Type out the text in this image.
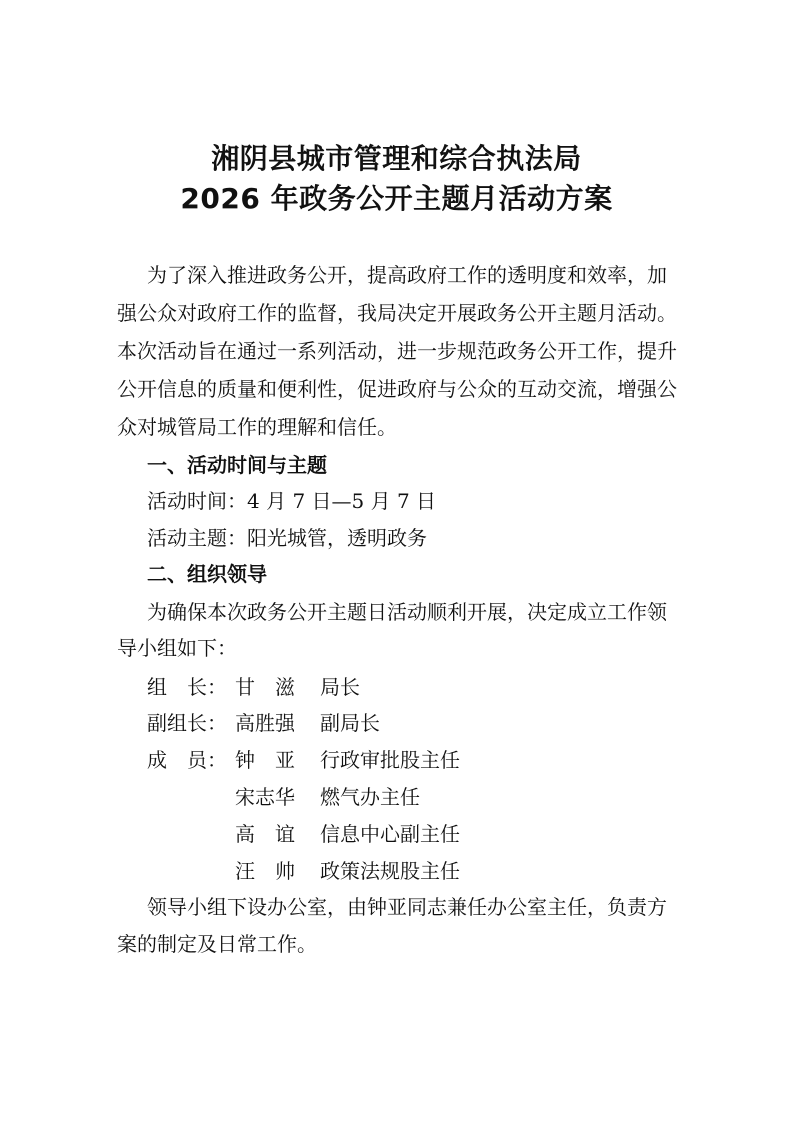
湘阴县城市管理和综合执法局
2026 年政务公开主题月活动方案
为了深入推进政务公开，提高政府工作的透明度和效率，加
强公众对政府工作的监督，我局决定开展政务公开主题月活动。
本次活动旨在通过一系列活动，进一步规范政务公开工作，提升
公开信息的质量和便利性，促进政府与公众的互动交流，增强公
众对城管局工作的理解和信任。
一、活动时间与主题
活动时间：4 月 7 日—5 月 7 日
活动主题：阳光城管，透明政务
二、组织领导
为确保本次政务公开主题日活动顺利开展，决定成立工作领
导小组如下：
组　长： 甘　滋	局长
副组长： 高胜强	副局长
成　员： 钟　亚	行政审批股主任
宋志华	燃气办主任
高　谊	信息中心副主任
汪　帅	政策法规股主任
领导小组下设办公室，由钟亚同志兼任办公室主任，负责方
案的制定及日常工作。
